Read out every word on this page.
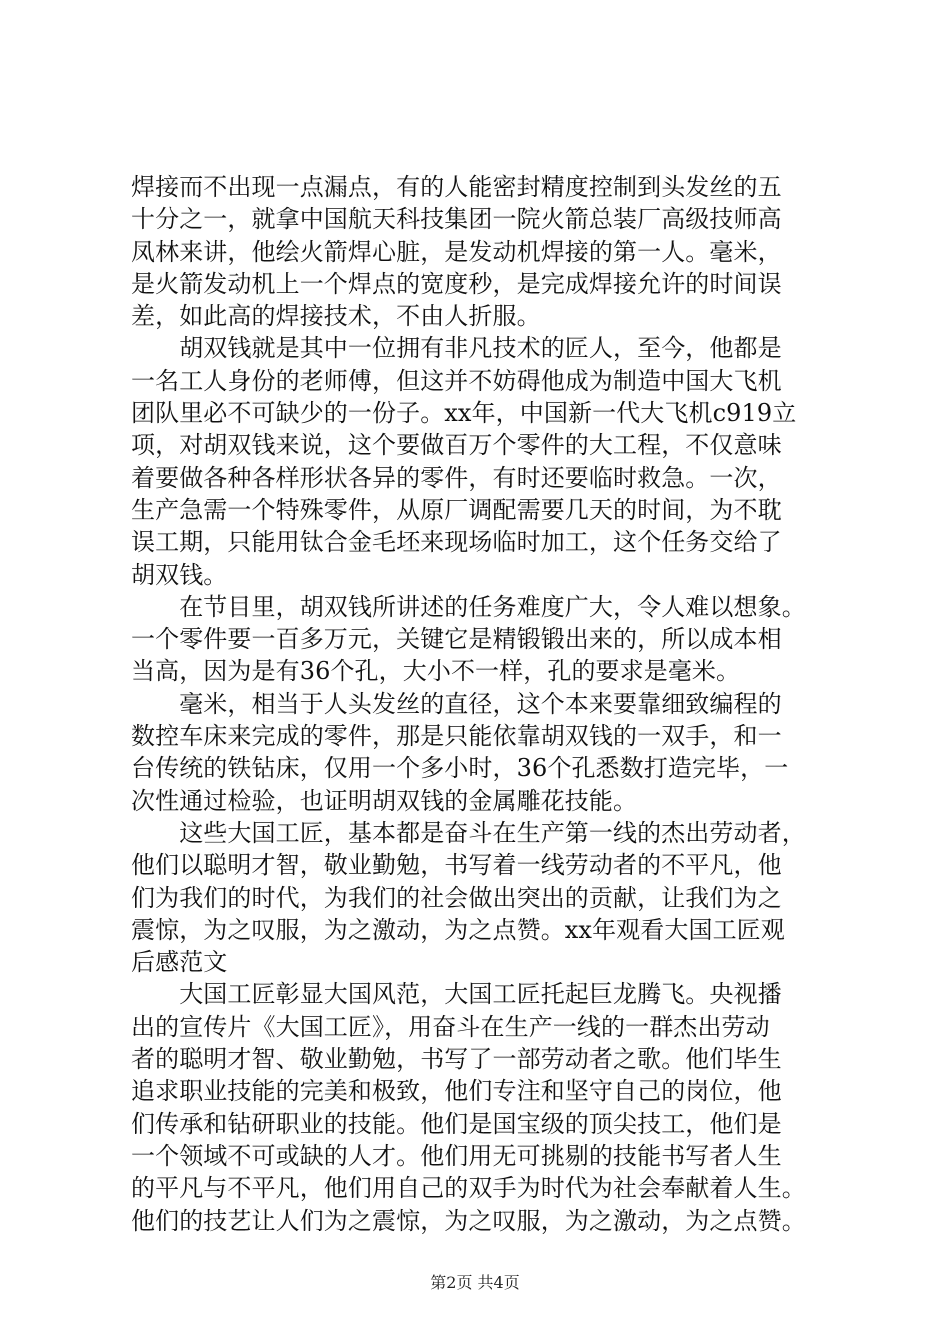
焊接而不出现一点漏点，有的人能密封精度控制到头发丝的五
十分之一，就拿中国航天科技集团一院火箭总装厂高级技师高
凤林来讲，他绘火箭焊心脏，是发动机焊接的第一人。毫米，
是火箭发动机上一个焊点的宽度秒，是完成焊接允许的时间误
差，如此高的焊接技术，不由人折服。
　　胡双钱就是其中一位拥有非凡技术的匠人，至今，他都是
一名工人身份的老师傅，但这并不妨碍他成为制造中国大飞机
团队里必不可缺少的一份子。xx年，中国新一代大飞机c919立
项，对胡双钱来说，这个要做百万个零件的大工程，不仅意味
着要做各种各样形状各异的零件，有时还要临时救急。一次，
生产急需一个特殊零件，从原厂调配需要几天的时间，为不耽
误工期，只能用钛合金毛坯来现场临时加工，这个任务交给了
胡双钱。
　　在节目里，胡双钱所讲述的任务难度广大，令人难以想象。
一个零件要一百多万元，关键它是精锻锻出来的，所以成本相
当高，因为是有36个孔，大小不一样，孔的要求是毫米。
　　毫米，相当于人头发丝的直径，这个本来要靠细致编程的
数控车床来完成的零件，那是只能依靠胡双钱的一双手，和一
台传统的铁钻床，仅用一个多小时，36个孔悉数打造完毕，一
次性通过检验，也证明胡双钱的金属雕花技能。
　　这些大国工匠，基本都是奋斗在生产第一线的杰出劳动者，
他们以聪明才智，敬业勤勉，书写着一线劳动者的不平凡，他
们为我们的时代，为我们的社会做出突出的贡献，让我们为之
震惊，为之叹服，为之激动，为之点赞。xx年观看大国工匠观
后感范文
　　大国工匠彰显大国风范，大国工匠托起巨龙腾飞。央视播
出的宣传片《大国工匠》，用奋斗在生产一线的一群杰出劳动
者的聪明才智、敬业勤勉，书写了一部劳动者之歌。他们毕生
追求职业技能的完美和极致，他们专注和坚守自己的岗位，他
们传承和钻研职业的技能。他们是国宝级的顶尖技工，他们是
一个领域不可或缺的人才。他们用无可挑剔的技能书写者人生
的平凡与不平凡，他们用自己的双手为时代为社会奉献着人生。
他们的技艺让人们为之震惊，为之叹服，为之激动，为之点赞。
第2页 共4页
